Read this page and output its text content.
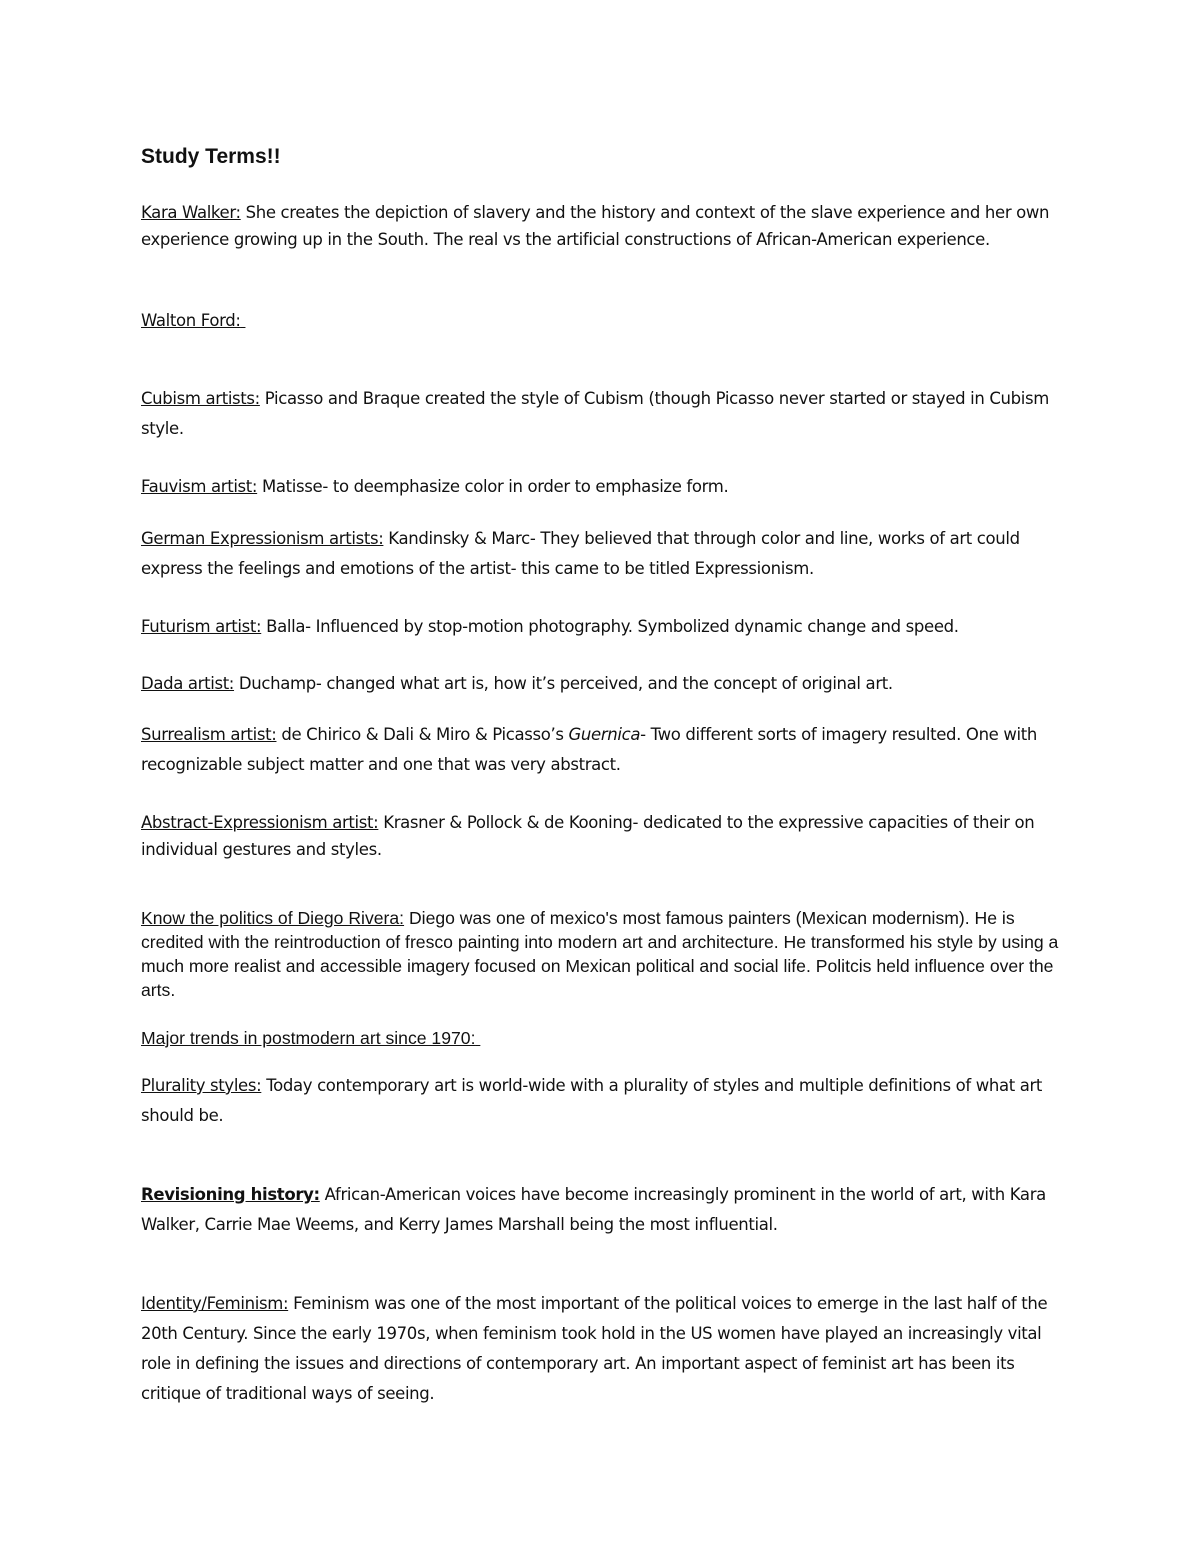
Study Terms!!

Kara Walker: She creates the depiction of slavery and the history and context of the slave experience and her own experience growing up in the South. The real vs the artificial constructions of African-American experience.

Walton Ford:

Cubism artists: Picasso and Braque created the style of Cubism (though Picasso never started or stayed in Cubism style.

Fauvism artist: Matisse- to deemphasize color in order to emphasize form.

German Expressionism artists: Kandinsky & Marc- They believed that through color and line, works of art could express the feelings and emotions of the artist- this came to be titled Expressionism.

Futurism artist: Balla- Influenced by stop-motion photography. Symbolized dynamic change and speed.

Dada artist: Duchamp- changed what art is, how it’s perceived, and the concept of original art.

Surrealism artist: de Chirico & Dali & Miro & Picasso’s Guernica- Two different sorts of imagery resulted. One with recognizable subject matter and one that was very abstract.

Abstract-Expressionism artist: Krasner & Pollock & de Kooning- dedicated to the expressive capacities of their on individual gestures and styles.

Know the politics of Diego Rivera: Diego was one of mexico's most famous painters (Mexican modernism). He is credited with the reintroduction of fresco painting into modern art and architecture. He transformed his style by using a much more realist and accessible imagery focused on Mexican political and social life. Politcis held influence over the arts.

Major trends in postmodern art since 1970:

Plurality styles: Today contemporary art is world-wide with a plurality of styles and multiple definitions of what art should be.

Revisioning history: African-American voices have become increasingly prominent in the world of art, with Kara Walker, Carrie Mae Weems, and Kerry James Marshall being the most influential.

Identity/Feminism: Feminism was one of the most important of the political voices to emerge in the last half of the 20th Century. Since the early 1970s, when feminism took hold in the US women have played an increasingly vital role in defining the issues and directions of contemporary art. An important aspect of feminist art has been its critique of traditional ways of seeing.
